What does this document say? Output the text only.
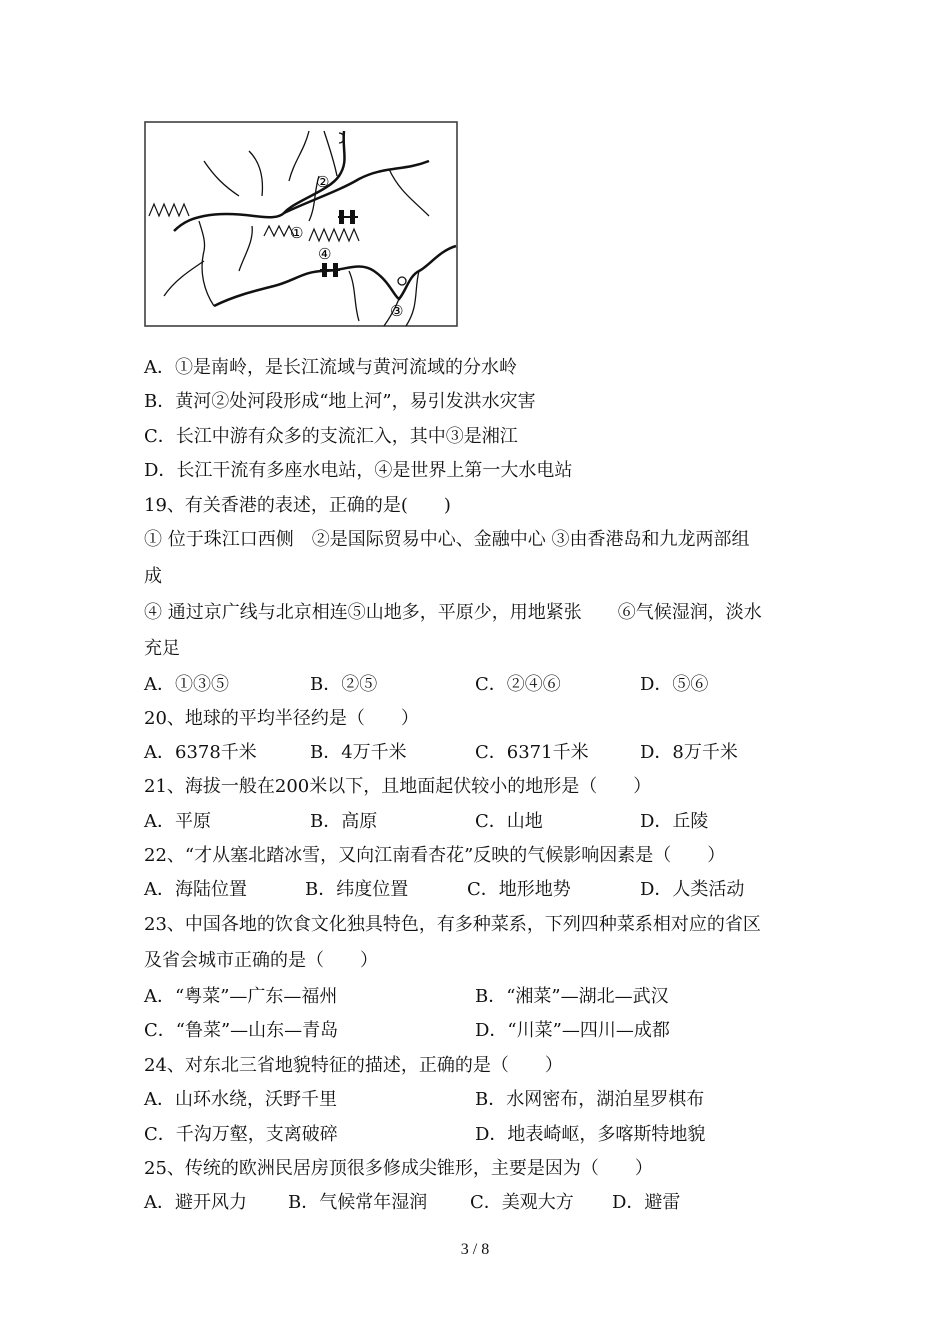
②
①
④
③
A．①是南岭，是长江流域与黄河流域的分水岭
B．黄河②处河段形成“地上河”，易引发洪水灾害
C．长江中游有众多的支流汇入，其中③是湘江
D．长江干流有多座水电站，④是世界上第一大水电站
19、有关香港的表述，正确的是(　　)
① 位于珠江口西侧　②是国际贸易中心、金融中心 ③由香港岛和九龙两部组
成
④ 通过京广线与北京相连⑤山地多，平原少，用地紧张　　⑥气候湿润，淡水
充足
A．①③⑤	B．②⑤	C．②④⑥	D．⑤⑥
20、地球的平均半径约是（　　）
A．6378千米	B．4万千米	C．6371千米	D．8万千米
21、海拔一般在200米以下，且地面起伏较小的地形是（　　）
A．平原	B．高原	C．山地	D．丘陵
22、“才从塞北踏冰雪，又向江南看杏花”反映的气候影响因素是（　　）
A．海陆位置	B．纬度位置	C．地形地势	D．人类活动
23、中国各地的饮食文化独具特色，有多种菜系，下列四种菜系相对应的省区
及省会城市正确的是（　　）
A．“粤菜”—广东—福州	B．“湘菜”—湖北—武汉
C．“鲁菜”—山东—青岛	D．“川菜”—四川—成都
24、对东北三省地貌特征的描述，正确的是（　　）
A．山环水绕，沃野千里	B．水网密布，湖泊星罗棋布
C．千沟万壑，支离破碎	D．地表崎岖，多喀斯特地貌
25、传统的欧洲民居房顶很多修成尖锥形，主要是因为（　　）
A．避开风力 B．气候常年湿润 C．美观大方 D．避雷
3 / 8
